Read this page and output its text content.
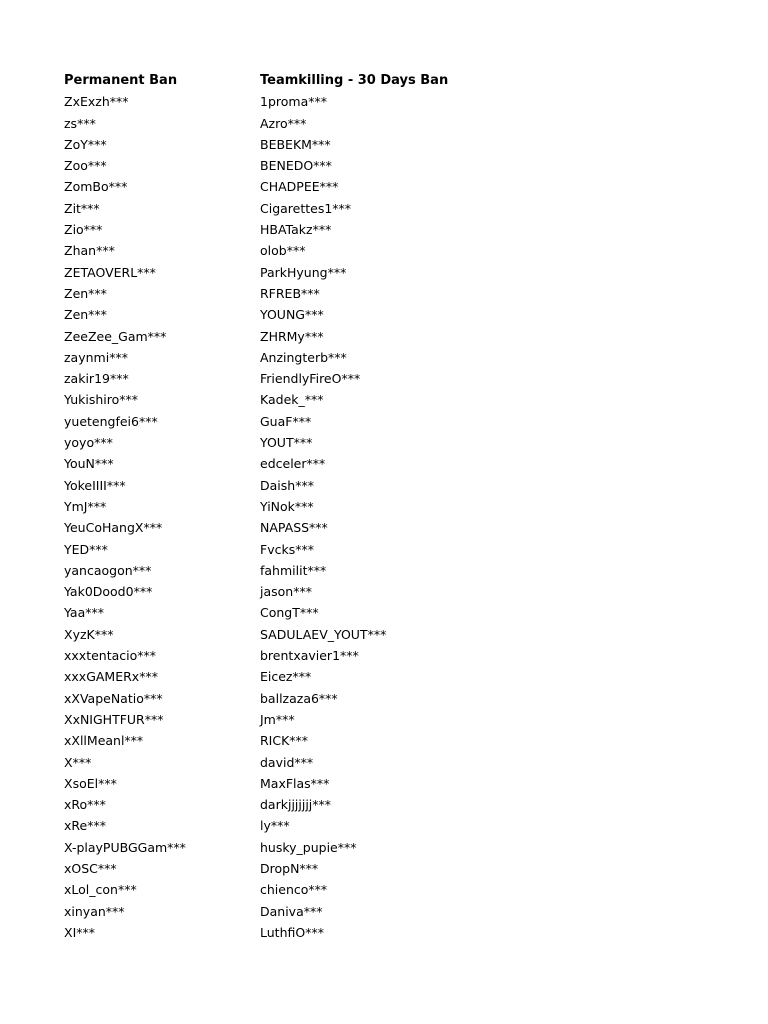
Permanent Ban
ZxExzh***
zs***
ZoY***
Zoo***
ZomBo***
Zit***
Zio***
Zhan***
ZETAOVERL***
Zen***
Zen***
ZeeZee_Gam***
zaynmi***
zakir19***
Yukishiro***
yuetengfei6***
yoyo***
YouN***
YokeIIII***
YmJ***
YeuCoHangX***
YED***
yancaogon***
Yak0Dood0***
Yaa***
XyzK***
xxxtentacio***
xxxGAMERx***
xXVapeNatio***
XxNIGHTFUR***
xXllMeanl***
X***
XsoEl***
xRo***
xRe***
X-playPUBGGam***
xOSC***
xLol_con***
xinyan***
XI***
Teamkilling - 30 Days Ban
1proma***
Azro***
BEBEKM***
BENEDO***
CHADPEE***
Cigarettes1***
HBATakz***
olob***
ParkHyung***
RFREB***
YOUNG***
ZHRMy***
Anzingterb***
FriendlyFireO***
Kadek_***
GuaF***
YOUT***
edceler***
Daish***
YiNok***
NAPASS***
Fvcks***
fahmilit***
jason***
CongT***
SADULAEV_YOUT***
brentxavier1***
Eicez***
ballzaza6***
Jm***
RICK***
david***
MaxFlas***
darkjjjjjjj***
ly***
husky_pupie***
DropN***
chienco***
Daniva***
LuthfiO***
